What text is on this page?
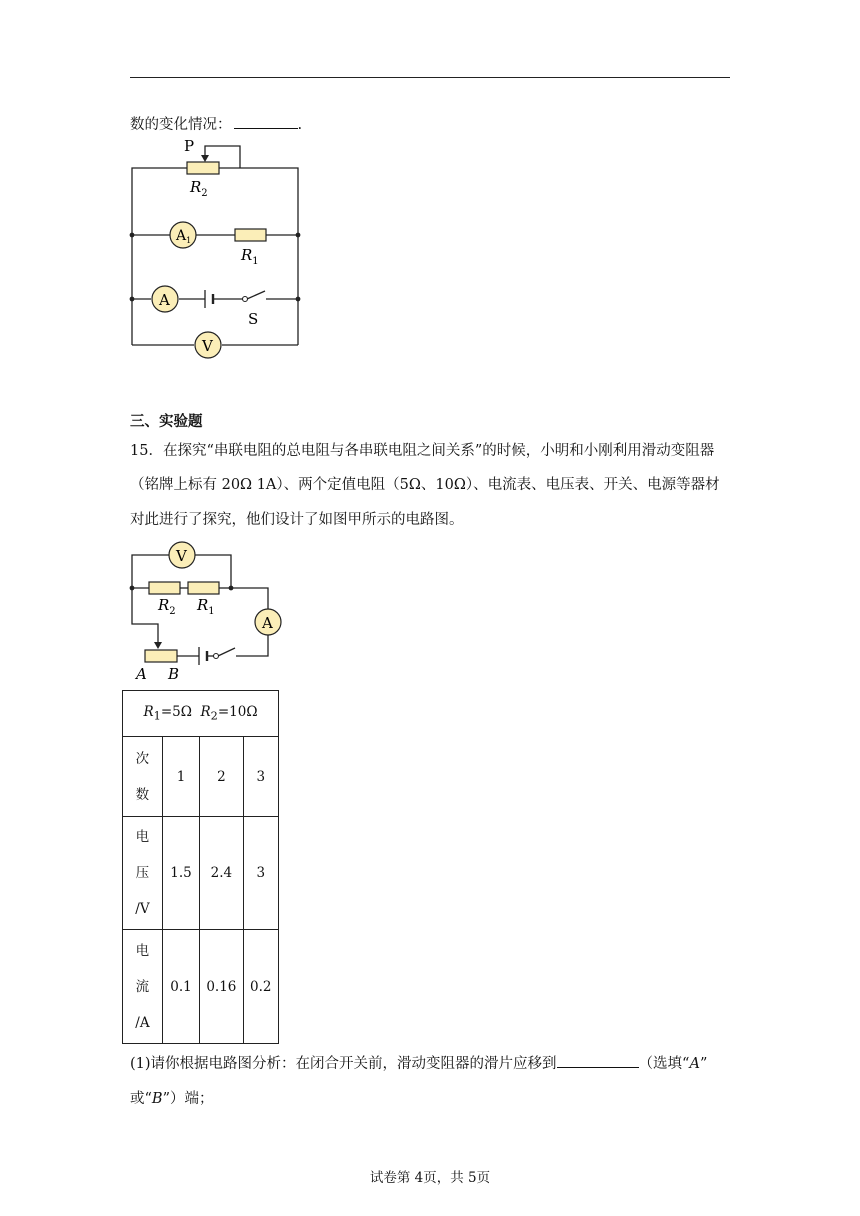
数的变化情况：	.
P
$R_2$
$A_1$
$R_1$
A
S
V
三、实验题
15．在探究“串联电阻的总电阻与各串联电阻之间关系”的时候，小明和小刚利用滑动变阻器
（铭牌上标有 20Ω 1A）、两个定值电阻（5Ω、10Ω）、电流表、电压表、开关、电源等器材
对此进行了探究，他们设计了如图甲所示的电路图。
V
$R_2$ $R_1$
A
A B
$R_1=5\Omega$ $R_2=10\Omega$			

次
数	1	2	3

电
压
/V	1.5	2.4	3

电
流
/A	0.1	0.16	0.2
(1)请你根据电路图分析：在闭合开关前，滑动变阻器的滑片应移到	（选填“A”
或“B”）端；
试卷第 4页，共 5页
